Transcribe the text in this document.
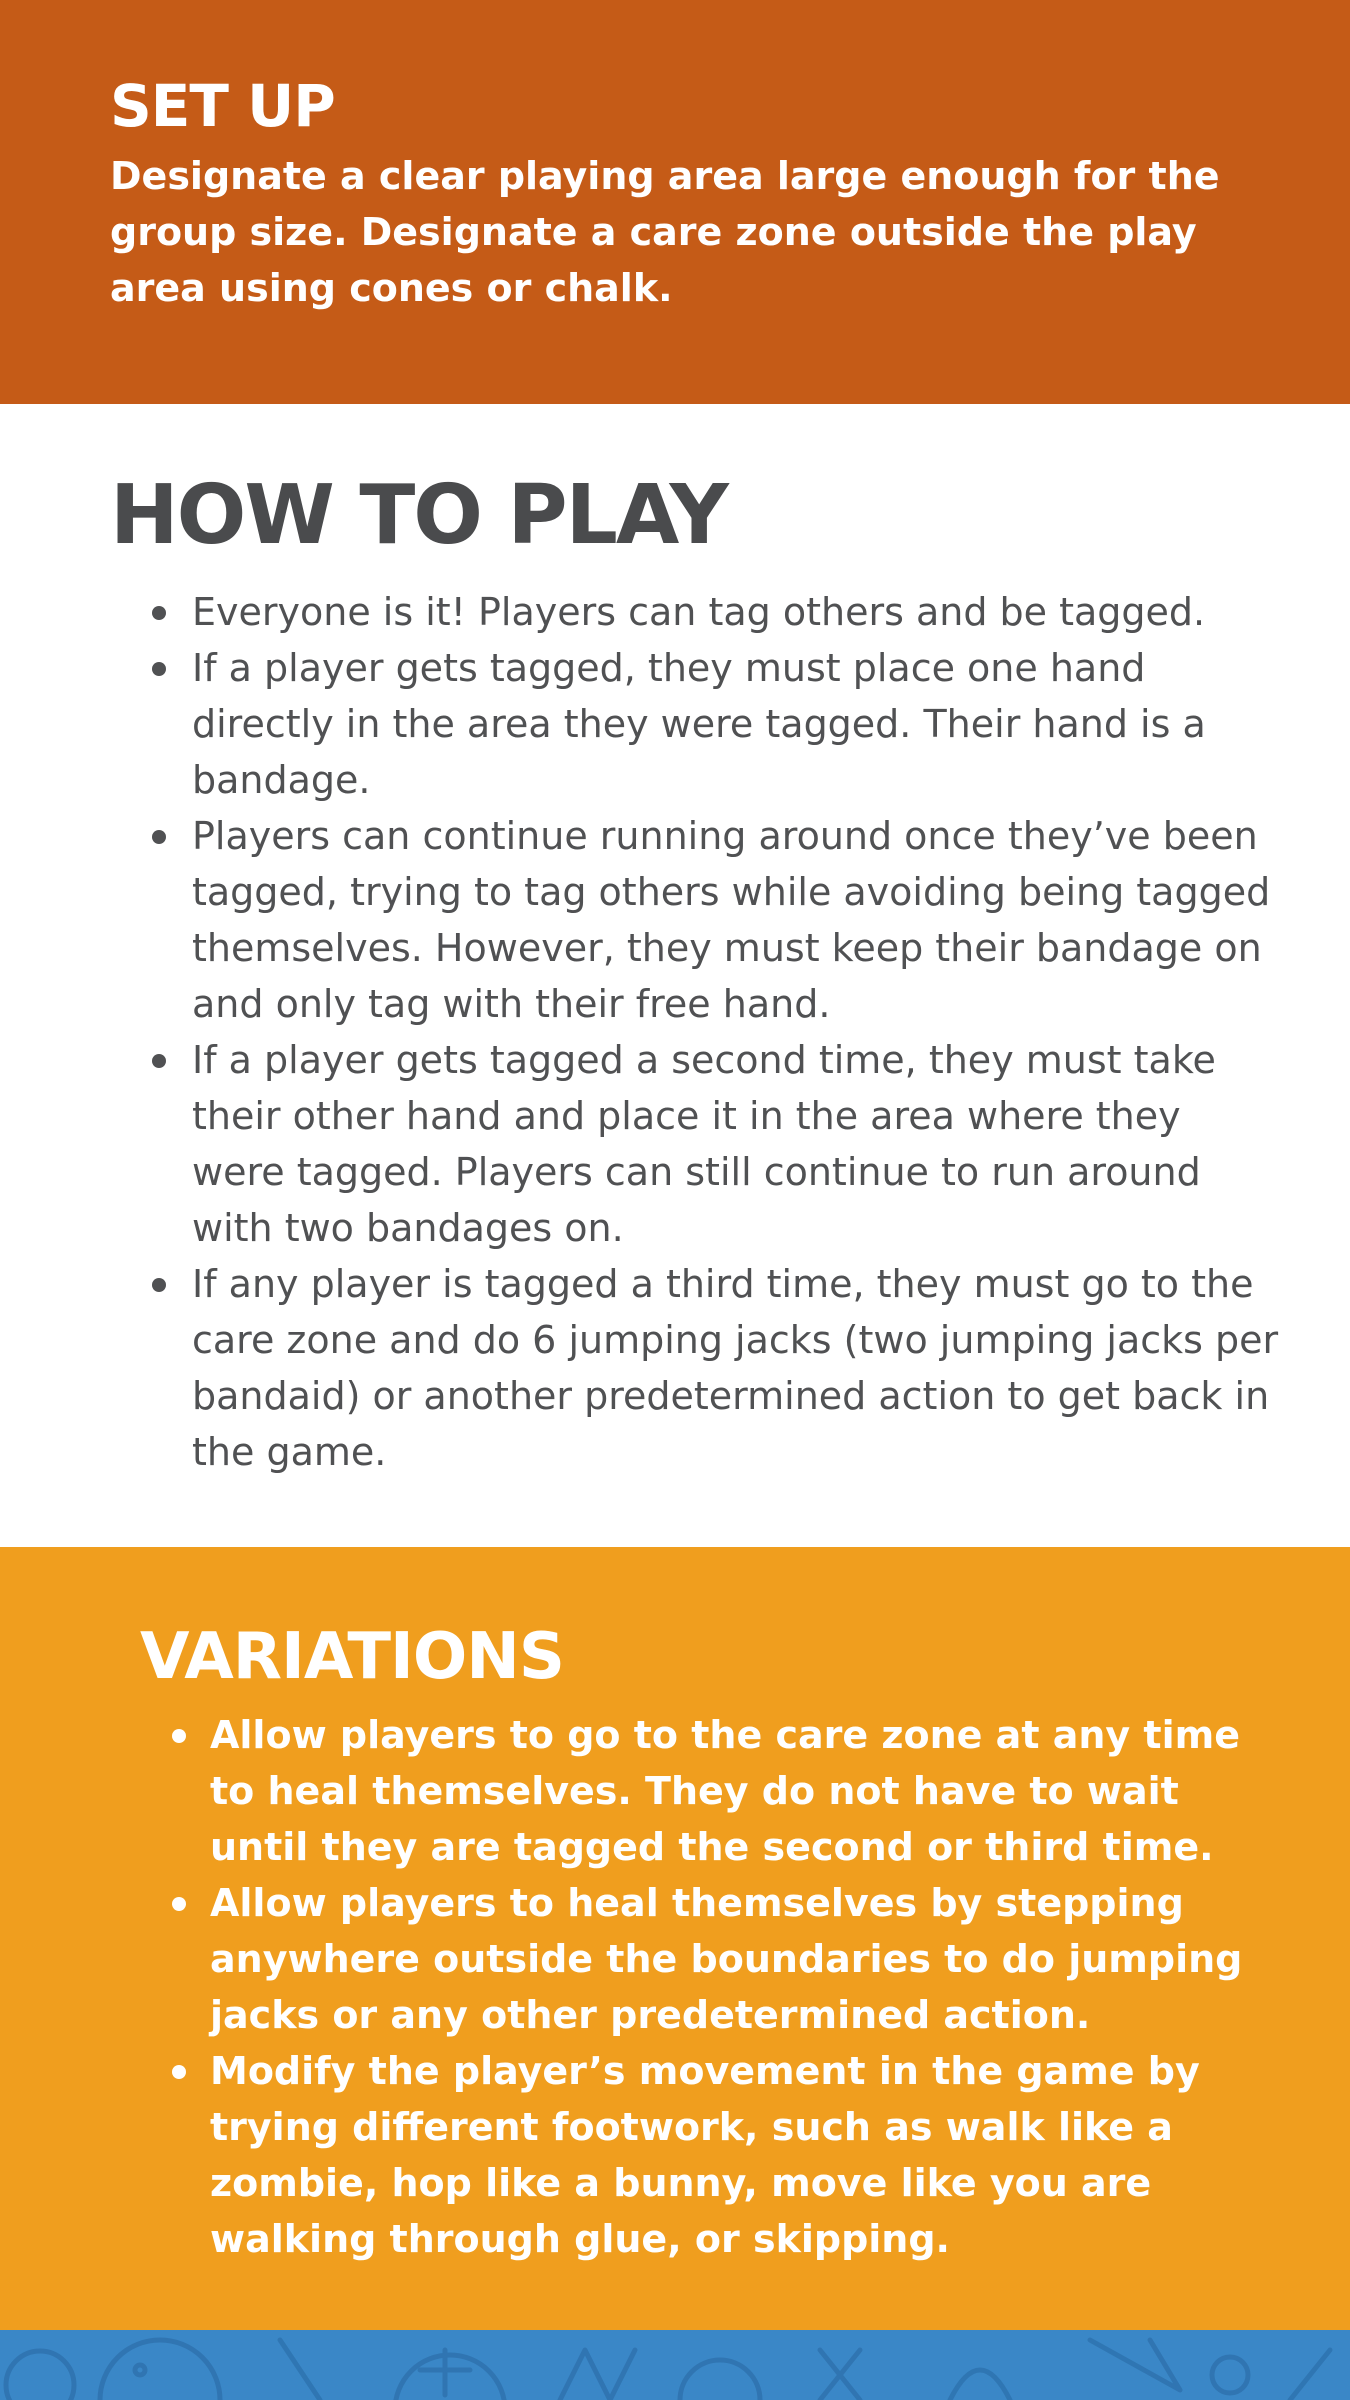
SET UP

Designate a clear playing area large enough for the group size. Designate a care zone outside the play area using cones or chalk.

HOW TO PLAY
Everyone is it! Players can tag others and be tagged.
If a player gets tagged, they must place one hand directly in the area they were tagged. Their hand is a bandage.
Players can continue running around once they’ve been tagged, trying to tag others while avoiding being tagged themselves. However, they must keep their bandage on and only tag with their free hand.
If a player gets tagged a second time, they must take their other hand and place it in the area where they were tagged. Players can still continue to run around with two bandages on.
If any player is tagged a third time, they must go to the care zone and do 6 jumping jacks (two jumping jacks per bandaid) or another predetermined action to get back in the game.
VARIATIONS
Allow players to go to the care zone at any time to heal themselves. They do not have to wait until they are tagged the second or third time.
Allow players to heal themselves by stepping anywhere outside the boundaries to do jumping jacks or any other predetermined action.
Modify the player’s movement in the game by trying different footwork, such as walk like a zombie, hop like a bunny, move like you are walking through glue, or skipping.
